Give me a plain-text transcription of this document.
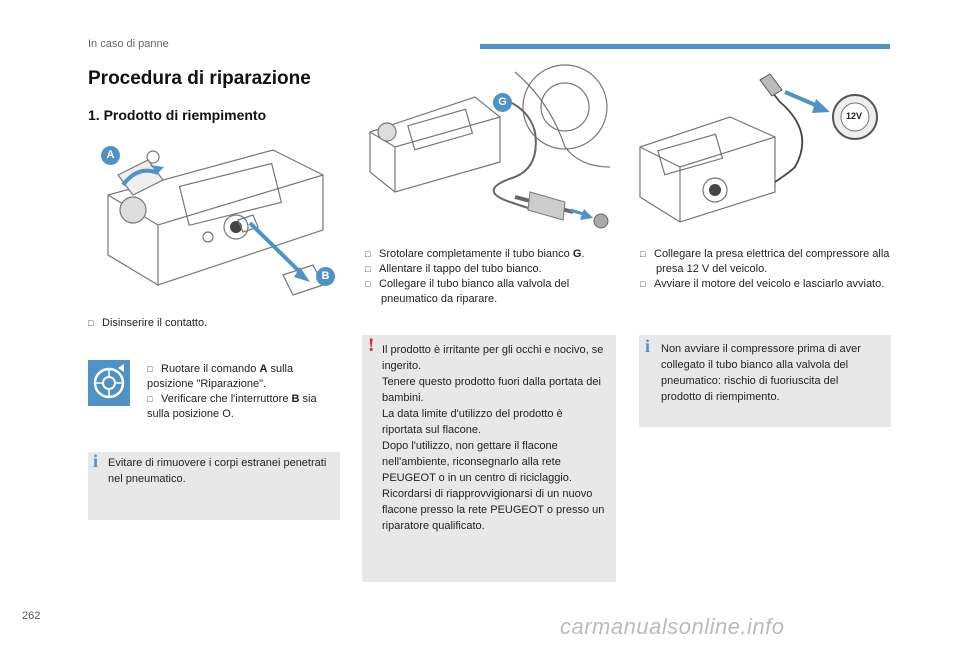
In caso di panne
Procedura di riparazione
1. Prodotto di riempimento
A
B
□ Disinserire il contatto.
□ Ruotare il comando A sulla posizione "Riparazione".
□ Verificare che l'interruttore B sia sulla posizione O.
i Evitare di rimuovere i corpi estranei penetrati nel pneumatico.
G
□ Srotolare completamente il tubo bianco G.
□ Allentare il tappo del tubo bianco.
□ Collegare il tubo bianco alla valvola del pneumatico da riparare.
! Il prodotto è irritante per gli occhi e nocivo, se ingerito.
Tenere questo prodotto fuori dalla portata dei bambini.
La data limite d'utilizzo del prodotto è riportata sul flacone.
Dopo l'utilizzo, non gettare il flacone nell'ambiente, riconsegnarlo alla rete PEUGEOT o in un centro di riciclaggio.
Ricordarsi di riapprovvigionarsi di un nuovo flacone presso la rete PEUGEOT o presso un riparatore qualificato.
12V
□ Collegare la presa elettrica del compressore alla presa 12 V del veicolo.
□ Avviare il motore del veicolo e lasciarlo avviato.
i Non avviare il compressore prima di aver collegato il tubo bianco alla valvola del pneumatico: rischio di fuoriuscita del prodotto di riempimento.
262	carmanualsonline.info
